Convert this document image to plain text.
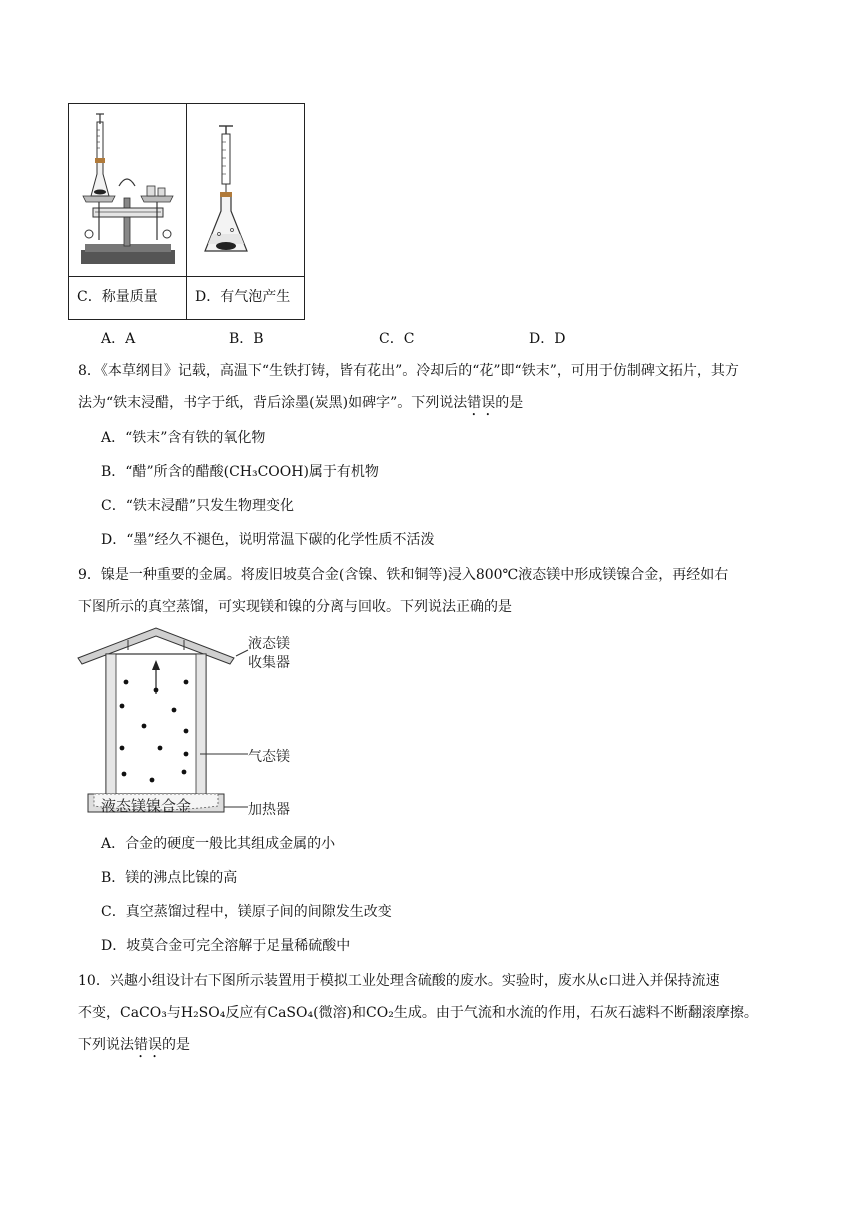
C．称量质量	D．有气泡产生
A．A	B．B	C．C	D．D
8．《本草纲目》记载，高温下“生铁打铸，皆有花出”。冷却后的“花”即“铁末”，可用于仿制碑文拓片，其方
法为“铁末浸醋，书字于纸，背后涂墨(炭黑)如碑字”。下列说法错误的是
A．“铁末”含有铁的氧化物
B．“醋”所含的醋酸(CH₃COOH)属于有机物
C．“铁末浸醋”只发生物理变化
D．“墨”经久不褪色，说明常温下碳的化学性质不活泼
9．镍是一种重要的金属。将废旧坡莫合金(含镍、铁和铜等)浸入800℃液态镁中形成镁镍合金，再经如右
下图所示的真空蒸馏，可实现镁和镍的分离与回收。下列说法正确的是
液态镁
收集器
气态镁
液态镁镍合金	加热器
A．合金的硬度一般比其组成金属的小
B．镁的沸点比镍的高
C．真空蒸馏过程中，镁原子间的间隙发生改变
D．坡莫合金可完全溶解于足量稀硫酸中
10．兴趣小组设计右下图所示装置用于模拟工业处理含硫酸的废水。实验时，废水从c口进入并保持流速
不变，CaCO₃与H₂SO₄反应有CaSO₄(微溶)和CO₂生成。由于气流和水流的作用，石灰石滤料不断翻滚摩擦。
下列说法错误的是
